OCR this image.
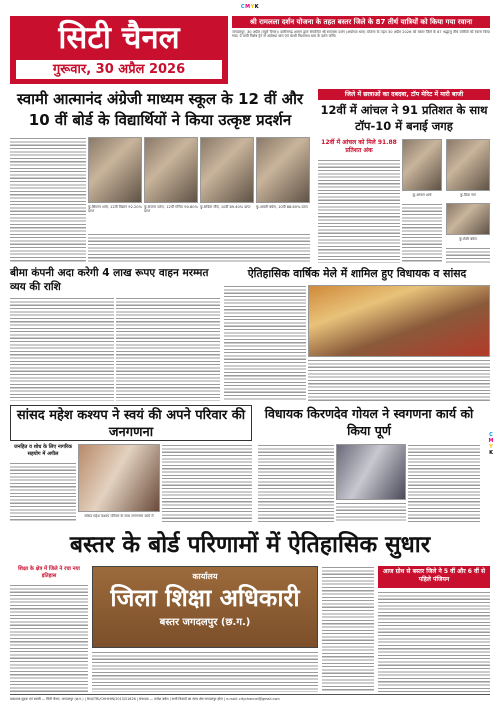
CMYK
सिटी चैनल
गुरूवार, 30 अप्रैल 2026
श्री रामलला दर्शन योजना के तहत बस्तर जिले के 87 तीर्थ यात्रियों को किया गया रवाना
जगदलपुर, 30 अप्रैल (ब्यूरो चैनल)। छत्तीसगढ़ शासन द्वारा संचालित श्री रामलला दर्शन (अयोध्या धाम) योजना के तहत 30 अप्रैल 2026 को बस्तर जिले के 87 श्रद्धालु तीर्थ यात्रियों को रवाना किया गया। ये यात्री विशेष ट्रेन से अयोध्या धाम एवं काशी विश्वनाथ धाम के दर्शन करेंगे।
स्वामी आत्मानंद अंग्रेजी माध्यम स्कूल के 12 वीं और 10 वीं बोर्ड के विद्यार्थियों ने किया उत्कृष्ट प्रदर्शन
कु.सिमरन शर्मा, 12वीं विज्ञान 92.20% प्राप्त
कु.संजना पटेल, 12वीं गणित 90.80% प्राप्त
कु.सविता मौर्य, 10वीं 89.40% प्राप्त	कु.आरती बघेल, 10वीं 88.60% प्राप्त
जिले में छात्राओं का दबदबा, टॉप मेरिट में मारी बाजी
12वीं में आंचल ने 91 प्रतिशत के साथ टॉप-10 में बनाई जगह
12वीं में आंचल को मिले 91.88 प्रतिशत अंक
कु.आंचल शर्मा	कु.प्रिया नाग
कु.रश्मि बघेल
बीमा कंपनी अदा करेगी 4 लाख रूपए वाहन मरम्मत व्यय की राशि
ऐतिहासिक वार्षिक मेले में शामिल हुए विधायक व सांसद
सांसद महेश कश्यप ने स्वयं की अपने परिवार की जनगणना
जनहित व शोध के लिए नागरिक सहयोग में अपील
सांसद महेश कश्यप परिवार के साथ जनगणना कार्य में
विधायक किरणदेव गोयल ने स्वगणना कार्य को किया पूर्ण	C
M
Y
K
बस्तर के बोर्ड परिणामों में ऐतिहासिक सुधार
शिक्षा के क्षेत्र में जिले ने रचा नया इतिहास	कार्यालय
जिला शिक्षा अधिकारी
बस्तर जगदलपुर (छ.ग.)
आज ग्रोथ से बस्तर जिले ने 5 वीं और 6 वीं से पहिले पंजियन
प्रकाशक मुद्रक एवं स्वामी — सिटी चैनल, जगदलपुर (छ.ग.) | RNI/TRI/CHHHIN/2013/51826 | संपादक — राजेश बघेल | सभी विवादों का न्याय क्षेत्र जगदलपुर होगा | e-mail: citychannel@gmail.com
